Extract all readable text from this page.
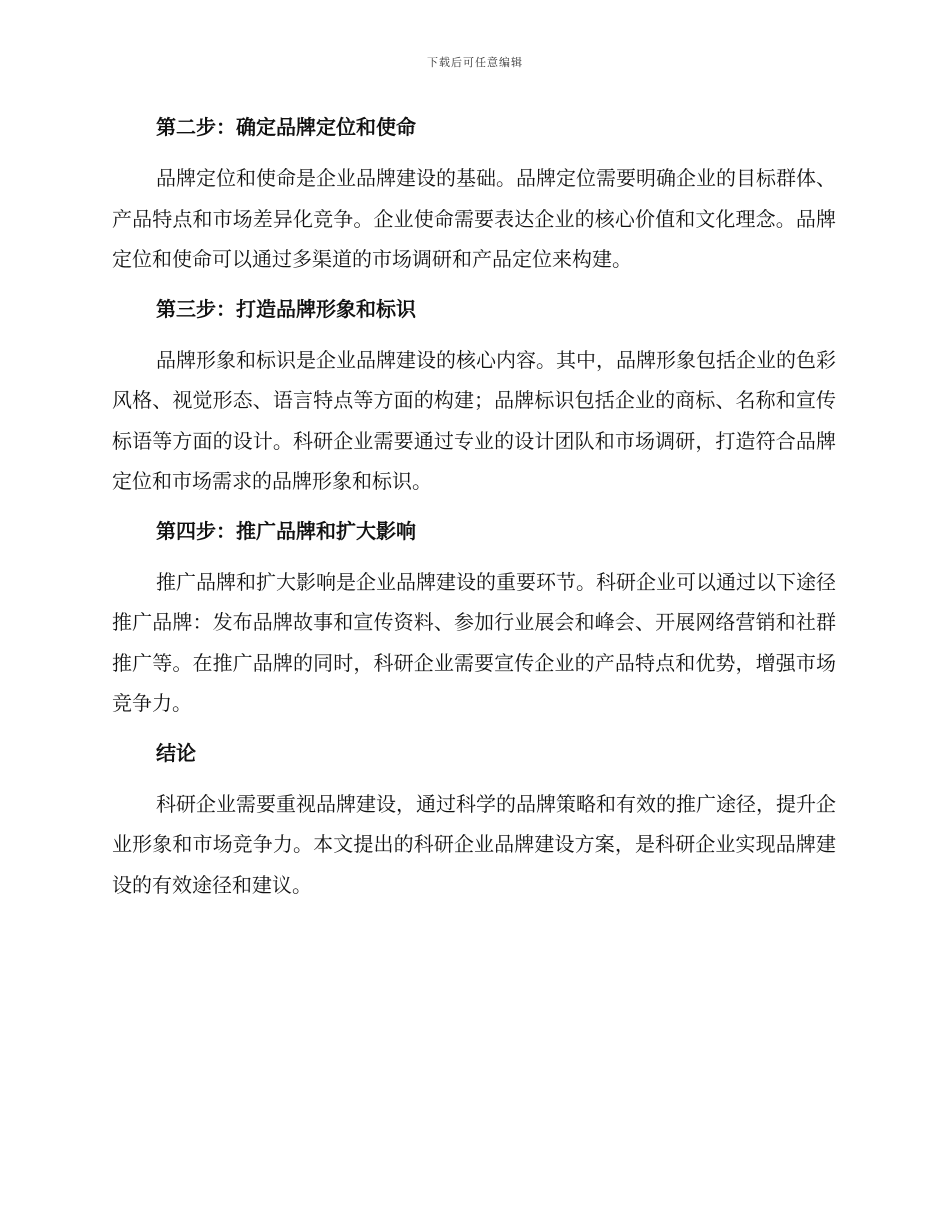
下载后可任意编辑
第二步：确定品牌定位和使命

品牌定位和使命是企业品牌建设的基础。品牌定位需要明确企业的目标群体、产品特点和市场差异化竞争。企业使命需要表达企业的核心价值和文化理念。品牌定位和使命可以通过多渠道的市场调研和产品定位来构建。

第三步：打造品牌形象和标识

品牌形象和标识是企业品牌建设的核心内容。其中，品牌形象包括企业的色彩风格、视觉形态、语言特点等方面的构建；品牌标识包括企业的商标、名称和宣传标语等方面的设计。科研企业需要通过专业的设计团队和市场调研，打造符合品牌定位和市场需求的品牌形象和标识。

第四步：推广品牌和扩大影响

推广品牌和扩大影响是企业品牌建设的重要环节。科研企业可以通过以下途径推广品牌：发布品牌故事和宣传资料、参加行业展会和峰会、开展网络营销和社群推广等。在推广品牌的同时，科研企业需要宣传企业的产品特点和优势，增强市场竞争力。

结论

科研企业需要重视品牌建设，通过科学的品牌策略和有效的推广途径，提升企业形象和市场竞争力。本文提出的科研企业品牌建设方案，是科研企业实现品牌建设的有效途径和建议。
